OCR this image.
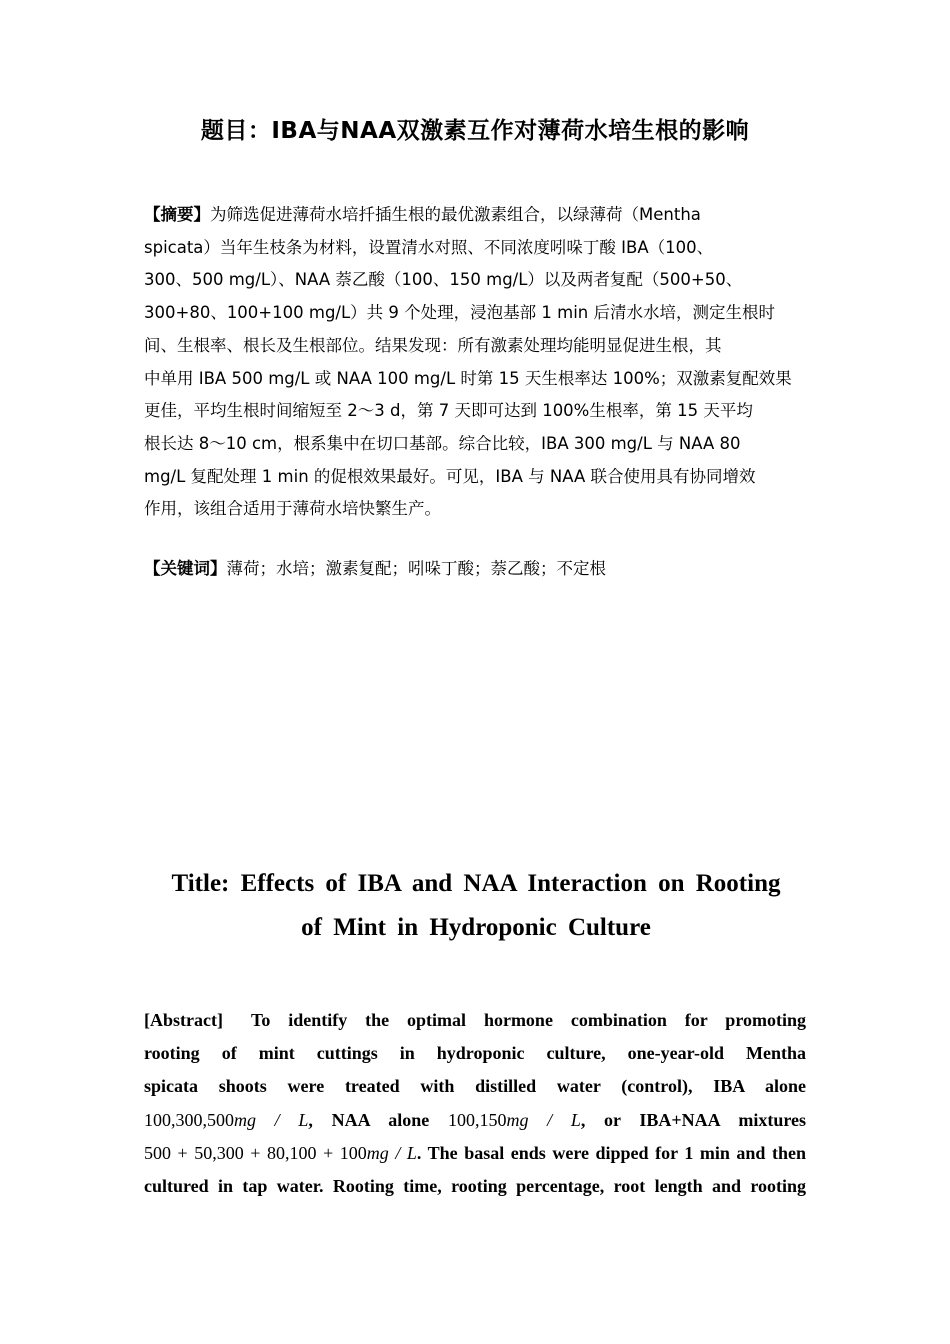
题目：IBA与NAA双激素互作对薄荷水培生根的影响
【摘要】为筛选促进薄荷水培扦插生根的最优激素组合，以绿薄荷（Mentha
spicata）当年生枝条为材料，设置清水对照、不同浓度吲哚丁酸 IBA（100、
300、500 mg/L）、NAA 萘乙酸（100、150 mg/L）以及两者复配（500+50、
300+80、100+100 mg/L）共 9 个处理，浸泡基部 1 min 后清水水培，测定生根时
间、生根率、根长及生根部位。结果发现：所有激素处理均能明显促进生根，其
中单用 IBA 500 mg/L 或 NAA 100 mg/L 时第 15 天生根率达 100%；双激素复配效果
更佳，平均生根时间缩短至 2～3 d，第 7 天即可达到 100%生根率，第 15 天平均
根长达 8～10 cm，根系集中在切口基部。综合比较，IBA 300 mg/L 与 NAA 80
mg/L 复配处理 1 min 的促根效果最好。可见，IBA 与 NAA 联合使用具有协同增效
作用，该组合适用于薄荷水培快繁生产。
【关键词】薄荷；水培；激素复配；吲哚丁酸；萘乙酸；不定根
Title: Effects of IBA and NAA Interaction on Rooting
of Mint in Hydroponic Culture
[Abstract] To identify the optimal hormone combination for promoting
rooting of mint cuttings in hydroponic culture, one-year-old Mentha
spicata shoots were treated with distilled water (control), IBA alone
100,300,500mg / L, NAA alone 100,150mg / L, or IBA+NAA mixtures
500 + 50,300 + 80,100 + 100mg / L. The basal ends were dipped for 1 min and then
cultured in tap water. Rooting time, rooting percentage, root length and rooting
